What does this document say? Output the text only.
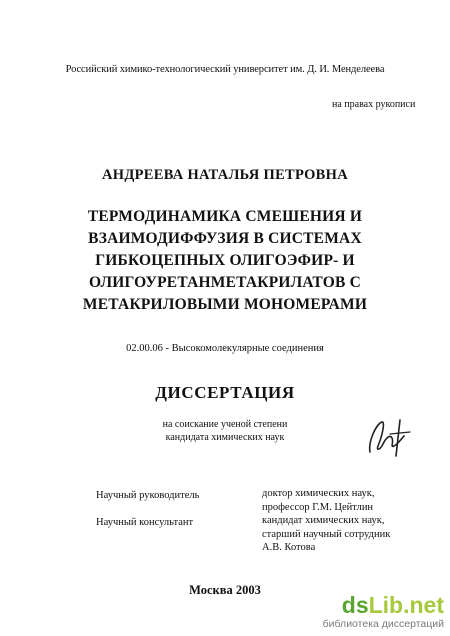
Российский химико-технологический университет им. Д. И. Менделеева
на правах рукописи
АНДРЕЕВА НАТАЛЬЯ ПЕТРОВНА
ТЕРМОДИНАМИКА СМЕШЕНИЯ И
ВЗАИМОДИФФУЗИЯ В СИСТЕМАХ
ГИБКОЦЕПНЫХ ОЛИГОЭФИР- И
ОЛИГОУРЕТАНМЕТАКРИЛАТОВ С
МЕТАКРИЛОВЫМИ МОНОМЕРАМИ
02.00.06 - Высокомолекулярные соединения
ДИССЕРТАЦИЯ
на соискание ученой степени
кандидата химических наук
Научный руководитель	доктор химических наук,
профессор Г.М. Цейтлин
Научный консультант	кандидат химических наук,
старший научный сотрудник
А.В. Котова
Москва 2003
dsLib.net
библиотека диссертаций
